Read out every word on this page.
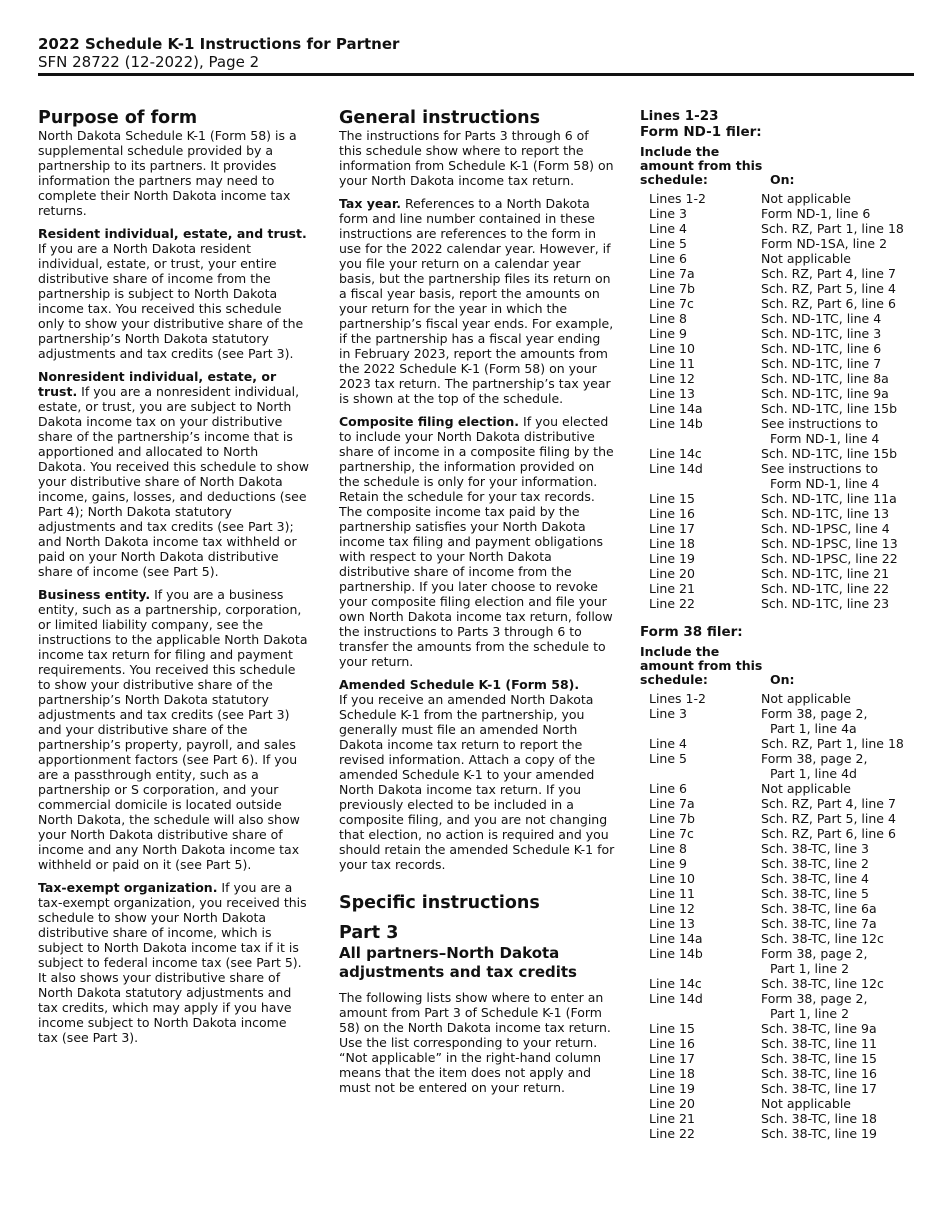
2022 Schedule K-1 Instructions for Partner
SFN 28722 (12-2022), Page 2
Purpose of form

North Dakota Schedule K-1 (Form 58) is a supplemental schedule provided by a partnership to its partners. It provides information the partners may need to complete their North Dakota income tax returns.

Resident individual, estate, and trust. If you are a North Dakota resident individual, estate, or trust, your entire distributive share of income from the partnership is subject to North Dakota income tax. You received this schedule only to show your distributive share of the partnership’s North Dakota statutory adjustments and tax credits (see Part 3).

Nonresident individual, estate, or trust. If you are a nonresident individual, estate, or trust, you are subject to North Dakota income tax on your distributive share of the partnership’s income that is apportioned and allocated to North Dakota. You received this schedule to show your distributive share of North Dakota income, gains, losses, and deductions (see Part 4); North Dakota statutory adjustments and tax credits (see Part 3); and North Dakota income tax withheld or paid on your North Dakota distributive share of income (see Part 5).

Business entity. If you are a business entity, such as a partnership, corporation, or limited liability company, see the instructions to the applicable North Dakota income tax return for filing and payment requirements. You received this schedule to show your distributive share of the partnership’s North Dakota statutory adjustments and tax credits (see Part 3) and your distributive share of the partnership’s property, payroll, and sales apportionment factors (see Part 6). If you are a passthrough entity, such as a partnership or S corporation, and your commercial domicile is located outside North Dakota, the schedule will also show your North Dakota distributive share of income and any North Dakota income tax withheld or paid on it (see Part 5).

Tax-exempt organization. If you are a tax-exempt organization, you received this schedule to show your North Dakota distributive share of income, which is subject to North Dakota income tax if it is subject to federal income tax (see Part 5). It also shows your distributive share of North Dakota statutory adjustments and tax credits, which may apply if you have income subject to North Dakota income tax (see Part 3).

General instructions

The instructions for Parts 3 through 6 of this schedule show where to report the information from Schedule K-1 (Form 58) on your North Dakota income tax return.

Tax year. References to a North Dakota form and line number contained in these instructions are references to the form in use for the 2022 calendar year. However, if you file your return on a calendar year basis, but the partnership files its return on a fiscal year basis, report the amounts on your return for the year in which the partnership’s fiscal year ends. For example, if the partnership has a fiscal year ending in February 2023, report the amounts from the 2022 Schedule K-1 (Form 58) on your 2023 tax return. The partnership’s tax year is shown at the top of the schedule.

Composite filing election. If you elected to include your North Dakota distributive share of income in a composite filing by the partnership, the information provided on the schedule is only for your information. Retain the schedule for your tax records. The composite income tax paid by the partnership satisfies your North Dakota income tax filing and payment obligations with respect to your North Dakota distributive share of income from the partnership. If you later choose to revoke your composite filing election and file your own North Dakota income tax return, follow the instructions to Parts 3 through 6 to transfer the amounts from the schedule to your return.

Amended Schedule K-1 (Form 58).
If you receive an amended North Dakota Schedule K-1 from the partnership, you generally must file an amended North Dakota income tax return to report the revised information. Attach a copy of the amended Schedule K-1 to your amended North Dakota income tax return. If you previously elected to be included in a composite filing, and you are not changing that election, no action is required and you should retain the amended Schedule K-1 for your tax records.

Specific instructions
Part 3
All partners–North Dakota adjustments and tax credits

The following lists show where to enter an amount from Part 3 of Schedule K-1 (Form 58) on the North Dakota income tax return. Use the list corresponding to your return. “Not applicable” in the right-hand column means that the item does not apply and must not be entered on your return.

Lines 1-23
Form ND-1 filer:
Include the amount from this schedule:	On:
Lines 1-2	Not applicable
Line 3	Form ND-1, line 6
Line 4	Sch. RZ, Part 1, line 18
Line 5	Form ND-1SA, line 2
Line 6	Not applicable
Line 7a	Sch. RZ, Part 4, line 7
Line 7b	Sch. RZ, Part 5, line 4
Line 7c	Sch. RZ, Part 6, line 6
Line 8	Sch. ND-1TC, line 4
Line 9	Sch. ND-1TC, line 3
Line 10	Sch. ND-1TC, line 6
Line 11	Sch. ND-1TC, line 7
Line 12	Sch. ND-1TC, line 8a
Line 13	Sch. ND-1TC, line 9a
Line 14a	Sch. ND-1TC, line 15b
Line 14b	See instructions to
Form ND-1, line 4
Line 14c	Sch. ND-1TC, line 15b
Line 14d	See instructions to
Form ND-1, line 4
Line 15	Sch. ND-1TC, line 11a
Line 16	Sch. ND-1TC, line 13
Line 17	Sch. ND-1PSC, line 4
Line 18	Sch. ND-1PSC, line 13
Line 19	Sch. ND-1PSC, line 22
Line 20	Sch. ND-1TC, line 21
Line 21	Sch. ND-1TC, line 22
Line 22	Sch. ND-1TC, line 23
Form 38 filer:
Include the amount from this schedule:	On:
Lines 1-2	Not applicable
Line 3	Form 38, page 2,
Part 1, line 4a
Line 4	Sch. RZ, Part 1, line 18
Line 5	Form 38, page 2,
Part 1, line 4d
Line 6	Not applicable
Line 7a	Sch. RZ, Part 4, line 7
Line 7b	Sch. RZ, Part 5, line 4
Line 7c	Sch. RZ, Part 6, line 6
Line 8	Sch. 38-TC, line 3
Line 9	Sch. 38-TC, line 2
Line 10	Sch. 38-TC, line 4
Line 11	Sch. 38-TC, line 5
Line 12	Sch. 38-TC, line 6a
Line 13	Sch. 38-TC, line 7a
Line 14a	Sch. 38-TC, line 12c
Line 14b	Form 38, page 2,
Part 1, line 2
Line 14c	Sch. 38-TC, line 12c
Line 14d	Form 38, page 2,
Part 1, line 2
Line 15	Sch. 38-TC, line 9a
Line 16	Sch. 38-TC, line 11
Line 17	Sch. 38-TC, line 15
Line 18	Sch. 38-TC, line 16
Line 19	Sch. 38-TC, line 17
Line 20	Not applicable
Line 21	Sch. 38-TC, line 18
Line 22	Sch. 38-TC, line 19
